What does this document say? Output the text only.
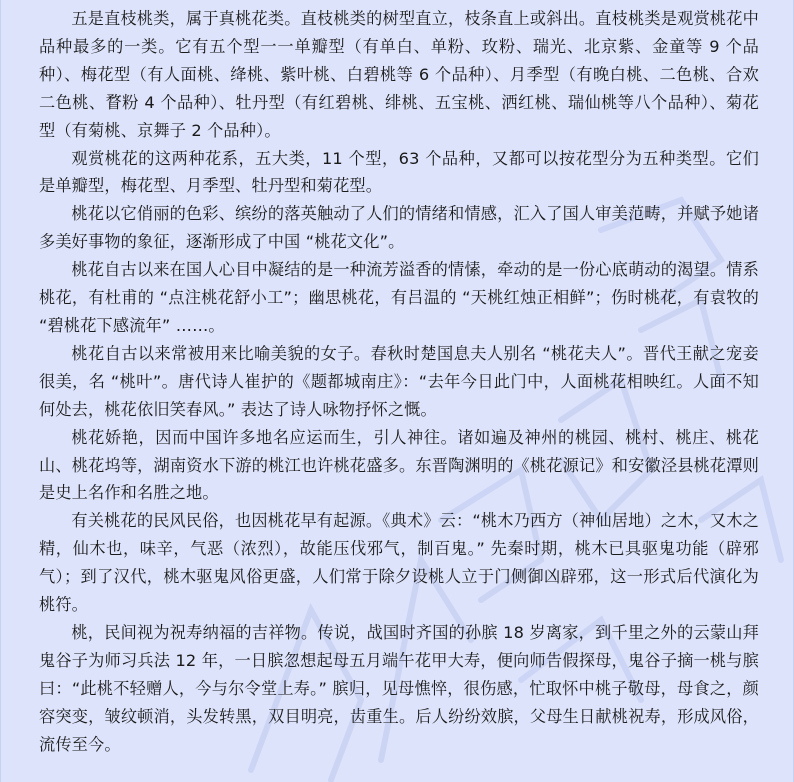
五是直枝桃类，属于真桃花类。直枝桃类的树型直立，枝条直上或斜出。直枝桃类是观赏桃花中品种最多的一类。它有五个型一一单瓣型（有单白、单粉、玫粉、瑞光、北京紫、金童等 9 个品种）、梅花型（有人面桃、绛桃、紫叶桃、白碧桃等 6 个品种）、月季型（有晚白桃、二色桃、合欢二色桃、瞀粉 4 个品种）、牡丹型（有红碧桃、绯桃、五宝桃、洒红桃、瑞仙桃等八个品种）、菊花型（有菊桃、京舞子 2 个品种）。

观赏桃花的这两种花系，五大类，11 个型，63 个品种，又都可以按花型分为五种类型。它们是单瓣型，梅花型、月季型、牡丹型和菊花型。

桃花以它俏丽的色彩、缤纷的落英触动了人们的情绪和情感，汇入了国人审美范畴，并赋予她诸多美好事物的象征，逐渐形成了中国 “桃花文化”。

桃花自古以来在国人心目中凝结的是一种流芳溢香的情愫，牵动的是一份心底萌动的渴望。情系桃花，有杜甫的 “点注桃花舒小工”；幽思桃花，有吕温的 “天桃红烛正相鲜”；伤时桃花，有袁牧的 “碧桃花下感流年” ……。

桃花自古以来常被用来比喻美貌的女子。春秋时楚国息夫人别名 “桃花夫人”。晋代王献之宠妾很美，名 “桃叶”。唐代诗人崔护的《题都城南庄》：“去年今日此门中，人面桃花相映红。人面不知何处去，桃花依旧笑春风。” 表达了诗人咏物抒怀之慨。

桃花娇艳，因而中国许多地名应运而生，引人神往。诸如遍及神州的桃园、桃村、桃庄、桃花山、桃花坞等，湖南资水下游的桃江也许桃花盛多。东晋陶渊明的《桃花源记》和安徽泾县桃花潭则是史上名作和名胜之地。

有关桃花的民风民俗，也因桃花早有起源。《典术》云：“桃木乃西方（神仙居地）之木，又木之精，仙木也，味辛，气恶（浓烈），故能压伐邪气，制百鬼。” 先秦时期，桃木已具驱鬼功能（辟邪气）；到了汉代，桃木驱鬼风俗更盛，人们常于除夕设桃人立于门侧御凶辟邪，这一形式后代演化为桃符。

桃，民间视为祝寿纳福的吉祥物。传说，战国时齐国的孙膑 18 岁离家，到千里之外的云蒙山拜鬼谷子为师习兵法 12 年，一日膑忽想起母五月端午花甲大寿，便向师告假探母，鬼谷子摘一桃与膑曰：“此桃不轻赠人，今与尔令堂上寿。” 膑归，见母憔悴，很伤感，忙取怀中桃子敬母，母食之，颜容突变，皱纹顿消，头发转黑，双目明亮，齿重生。后人纷纷效膑，父母生日献桃祝寿，形成风俗，流传至今。
